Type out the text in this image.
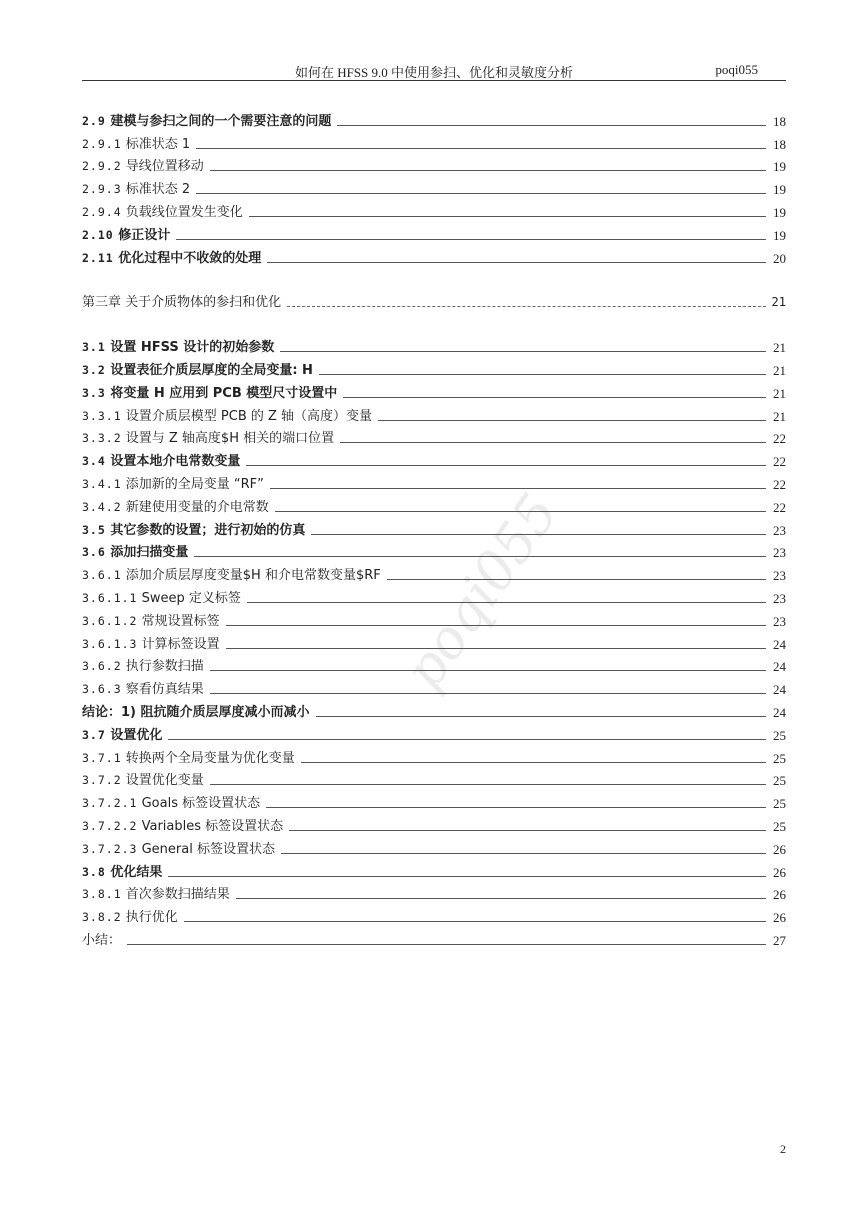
如何在 HFSS 9.0 中使用参扫、优化和灵敏度分析	poqi055
poqi055
2.9 建模与参扫之间的一个需要注意的问题	18
2.9.1 标准状态 1	18
2.9.2 导线位置移动	19
2.9.3 标准状态 2	19
2.9.4 负载线位置发生变化	19
2.10 修正设计	19
2.11 优化过程中不收敛的处理	20
第三章 关于介质物体的参扫和优化	21
3.1 设置 HFSS 设计的初始参数	21
3.2 设置表征介质层厚度的全局变量: H	21
3.3 将变量 H 应用到 PCB 模型尺寸设置中	21
3.3.1 设置介质层模型 PCB 的 Z 轴（高度）变量	21
3.3.2 设置与 Z 轴高度$H 相关的端口位置	22
3.4 设置本地介电常数变量	22
3.4.1 添加新的全局变量 “RF”	22
3.4.2 新建使用变量的介电常数	22
3.5 其它参数的设置；进行初始的仿真	23
3.6 添加扫描变量	23
3.6.1 添加介质层厚度变量$H 和介电常数变量$RF	23
3.6.1.1 Sweep 定义标签	23
3.6.1.2 常规设置标签	23
3.6.1.3 计算标签设置	24
3.6.2 执行参数扫描	24
3.6.3 察看仿真结果	24
结论：1) 阻抗随介质层厚度减小而减小	24
3.7 设置优化	25
3.7.1 转换两个全局变量为优化变量	25
3.7.2 设置优化变量	25
3.7.2.1 Goals 标签设置状态	25
3.7.2.2 Variables 标签设置状态	25
3.7.2.3 General 标签设置状态	26
3.8 优化结果	26
3.8.1 首次参数扫描结果	26
3.8.2 执行优化	26
小结：	27
2
